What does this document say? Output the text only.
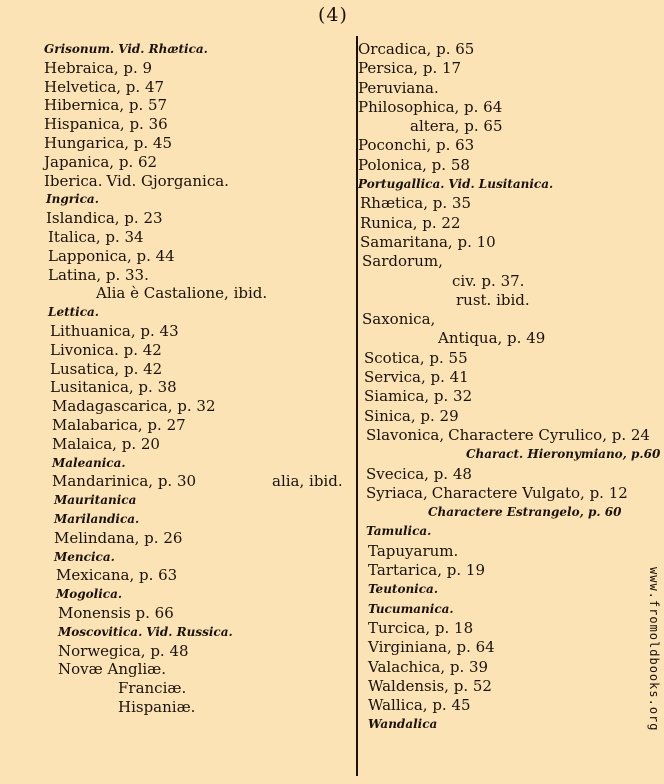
(4)
Grisonum. Vid. Rhætica.
Hebraica, p. 9
Helvetica, p. 47
Hibernica, p. 57
Hispanica, p. 36
Hungarica, p. 45
Japanica, p. 62
Iberica. Vid. Gjorganica.
Ingrica.
Islandica, p. 23
Italica, p. 34
Lapponica, p. 44
Latina, p. 33.
Alia è Castalione, ibid.
Lettica.
Lithuanica, p. 43
Livonica. p. 42
Lusatica, p. 42
Lusitanica, p. 38
Madagascarica, p. 32
Malabarica, p. 27
Malaica, p. 20
Maleanica.
Mandarinica, p. 30	alia, ibid.
Mauritanica
Marilandica.
Melindana, p. 26
Mencica.
Mexicana, p. 63
Mogolica.
Monensis p. 66
Moscovitica. Vid. Russica.
Norwegica, p. 48
Novæ Angliæ.
Franciæ.
Hispaniæ.
Orcadica, p. 65
Persica, p. 17
Peruviana.
Philosophica, p. 64
altera, p. 65
Poconchi, p. 63
Polonica, p. 58
Portugallica. Vid. Lusitanica.
Rhætica, p. 35
Runica, p. 22
Samaritana, p. 10
Sardorum,
civ. p. 37.
rust. ibid.
Saxonica,
Antiqua, p. 49
Scotica, p. 55
Servica, p. 41
Siamica, p. 32
Sinica, p. 29
Slavonica, Charactere Cyrulico, p. 24
Charact. Hieronymiano, p.60
Svecica, p. 48
Syriaca, Charactere Vulgato, p. 12
Charactere Estrangelo, p. 60
Tamulica.
Tapuyarum.
Tartarica, p. 19
Teutonica.
Tucumanica.
Turcica, p. 18
Virginiana, p. 64
Valachica, p. 39
Waldensis, p. 52
Wallica, p. 45
Wandalica	www.fromoldbooks.org
